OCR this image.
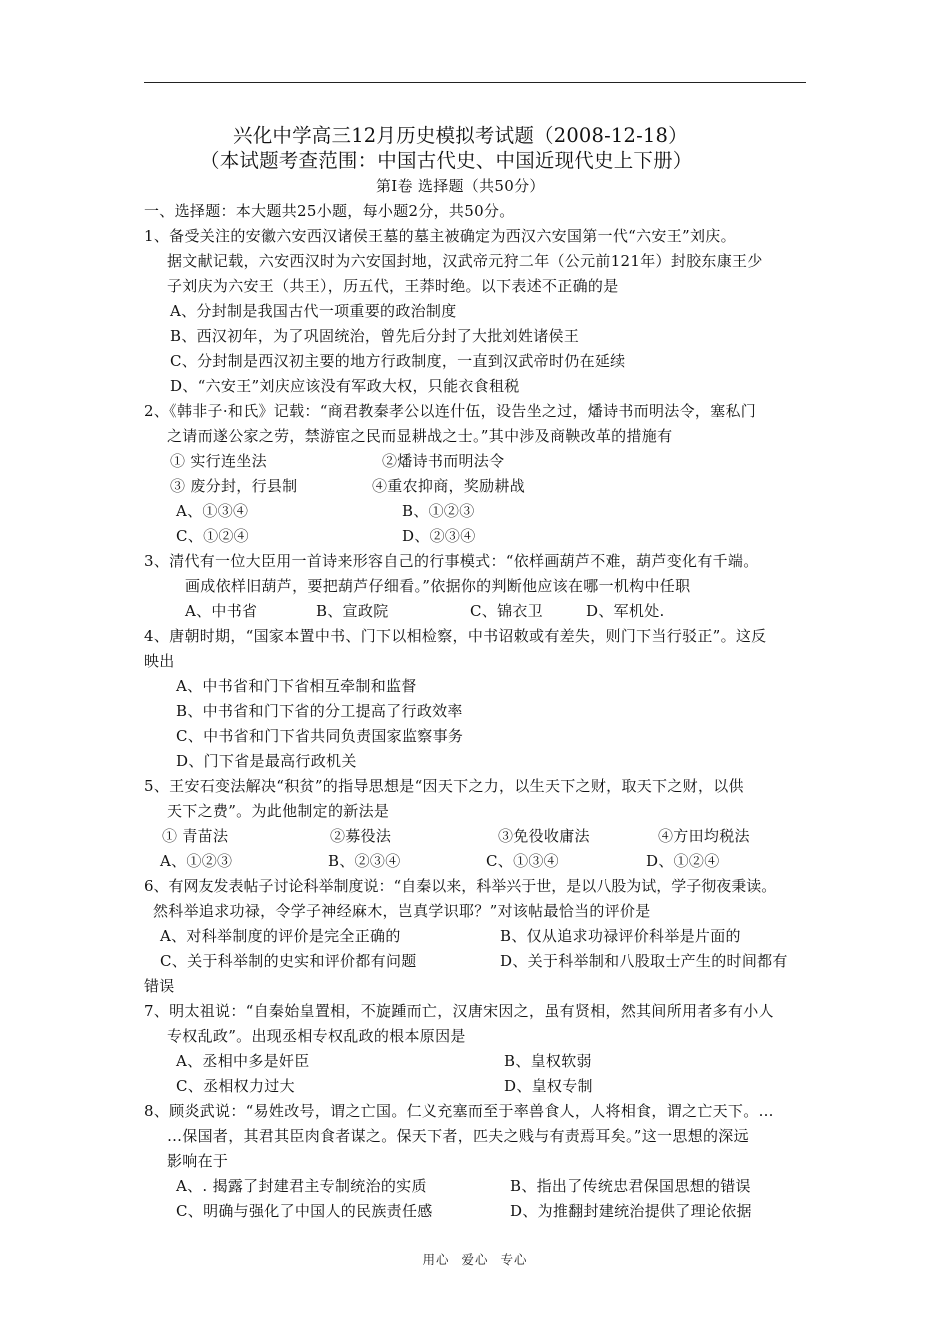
兴化中学高三12月历史模拟考试题（2008-12-18）
（本试题考查范围：中国古代史、中国近现代史上下册）
第Ⅰ卷 选择题（共50分）
一、选择题：本大题共25小题，每小题2分，共50分。
1、备受关注的安徽六安西汉诸侯王墓的墓主被确定为西汉六安国第一代“六安王”刘庆。
据文献记载，六安西汉时为六安国封地，汉武帝元狩二年（公元前121年）封胶东康王少
子刘庆为六安王（共王），历五代，王莽时绝。以下表述不正确的是
A、分封制是我国古代一项重要的政治制度
B、西汉初年，为了巩固统治，曾先后分封了大批刘姓诸侯王
C、分封制是西汉初主要的地方行政制度，一直到汉武帝时仍在延续
D、“六安王”刘庆应该没有军政大权，只能衣食租税
2、《韩非子·和氏》记载：“商君教秦孝公以连什伍，设告坐之过，燔诗书而明法令，塞私门
之请而遂公家之劳，禁游宦之民而显耕战之士。”其中涉及商鞅改革的措施有
① 实行连坐法	②燔诗书而明法令
③ 废分封，行县制	④重农抑商，奖励耕战
A、①③④	B、①②③
C、①②④	D、②③④
3、清代有一位大臣用一首诗来形容自己的行事模式：“依样画葫芦不难，葫芦变化有千端。
画成依样旧葫芦，要把葫芦仔细看。”依据你的判断他应该在哪一机构中任职
A、中书省	B、宣政院	C、锦衣卫	D、军机处.
4、唐朝时期，“国家本置中书、门下以相检察，中书诏敕或有差失，则门下当行驳正”。这反
映出
A、中书省和门下省相互牵制和监督
B、中书省和门下省的分工提高了行政效率
C、中书省和门下省共同负责国家监察事务
D、门下省是最高行政机关
5、王安石变法解决“积贫”的指导思想是“因天下之力，以生天下之财，取天下之财，以供
天下之费”。为此他制定的新法是
① 青苗法	②募役法	③免役收庸法	④方田均税法
A、①②③	B、②③④	C、①③④	D、①②④
6、有网友发表帖子讨论科举制度说：“自秦以来，科举兴于世，是以八股为试，学子彻夜秉读。
然科举追求功禄，令学子神经麻木，岂真学识耶？”对该帖最恰当的评价是
A、对科举制度的评价是完全正确的	B、仅从追求功禄评价科举是片面的
C、关于科举制的史实和评价都有问题	D、关于科举制和八股取士产生的时间都有
错误
7、明太祖说：“自秦始皇置相，不旋踵而亡，汉唐宋因之，虽有贤相，然其间所用者多有小人
专权乱政”。出现丞相专权乱政的根本原因是
A、丞相中多是奸臣	B、皇权软弱
C、丞相权力过大	D、皇权专制
8、顾炎武说：“易姓改号，谓之亡国。仁义充塞而至于率兽食人，人将相食，谓之亡天下。…
…保国者，其君其臣肉食者谋之。保天下者，匹夫之贱与有责焉耳矣。”这一思想的深远
影响在于
A、. 揭露了封建君主专制统治的实质	B、指出了传统忠君保国思想的错误
C、明确与强化了中国人的民族责任感	D、为推翻封建统治提供了理论依据
用心 爱心 专心
